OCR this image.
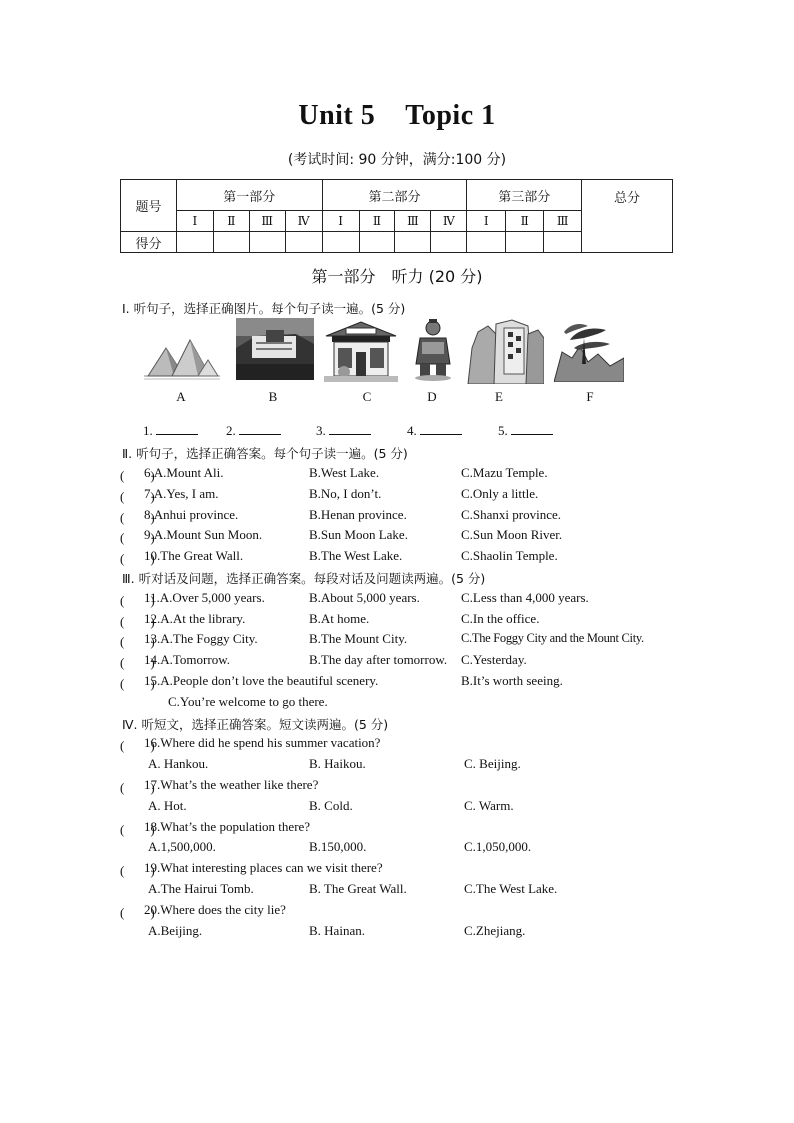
Unit 5 Topic 1
(考试时间: 90 分钟，满分:100 分)
题号	第一部分				第二部分				第三部分			总分
	Ⅰ	Ⅱ	Ⅲ	Ⅳ	Ⅰ	Ⅱ	Ⅲ	Ⅳ	Ⅰ	Ⅱ	Ⅲ	
得分												
第一部分　听力 (20 分)
Ⅰ. 听句子，选择正确图片。每个句子读一遍。(5 分)
A	B	C	D	E	F
1.	2.	3.	4.	5.
Ⅱ. 听句子，选择正确答案。每个句子读一遍。(5 分)
(　　)
6.A.Mount Ali.	B.West Lake.	C.Mazu Temple.
(　　)
7.A.Yes, I am.	B.No, I don’t.	C.Only a little.
(　　)
8.Anhui province.	B.Henan province.	C.Shanxi province.
(　　)
9.A.Mount Sun Moon.	B.Sun Moon Lake.	C.Sun Moon River.
(　　)
10.The Great Wall.	B.The West Lake.	C.Shaolin Temple.
Ⅲ. 听对话及问题，选择正确答案。每段对话及问题读两遍。(5 分)
(　　)
11.A.Over 5,000 years.	B.About 5,000 years.	C.Less than 4,000 years.
(　　)
12.A.At the library.	B.At home.	C.In the office.
(　　)
13.A.The Foggy City.	B.The Mount City.	C.The Foggy City and the Mount City.
(　　)
14.A.Tomorrow.	B.The day after tomorrow. C.Yesterday.
(　　)
15.A.People don’t love the beautiful scenery.	B.It’s worth seeing.
C.You’re welcome to go there.
Ⅳ. 听短文，选择正确答案。短文读两遍。(5 分)
(　　)
16.Where did he spend his summer vacation?
A. Hankou.	B. Haikou.	C. Beijing.
(　　)
17.What’s the weather like there?
A. Hot.	B. Cold.	C. Warm.
(　　)
18.What’s the population there?
A.1,500,000.	B.150,000.	C.1,050,000.
(　　)
19.What interesting places can we visit there?
A.The Hairui Tomb.	B. The Great Wall.	C.The West Lake.
(　　)
20.Where does the city lie?
A.Beijing.	B. Hainan.	C.Zhejiang.
